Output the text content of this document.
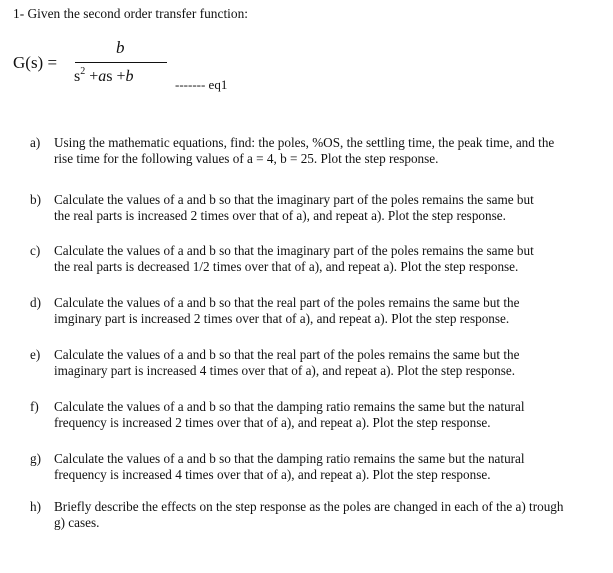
1- Given the second order transfer function:
G(s) =
b
$s^2 +as +b$	------- eq1
a) Using the mathematic equations, find: the poles, %OS, the settling time, the peak time, and the
rise time for the following values of a = 4, b = 25. Plot the step response.
b) Calculate the values of a and b so that the imaginary part of the poles remains the same but
the real parts is increased 2 times over that of a), and repeat a). Plot the step response.
c) Calculate the values of a and b so that the imaginary part of the poles remains the same but
the real parts is decreased 1/2 times over that of a), and repeat a). Plot the step response.
d) Calculate the values of a and b so that the real part of the poles remains the same but the
imginary part is increased 2 times over that of a), and repeat a). Plot the step response.
e) Calculate the values of a and b so that the real part of the poles remains the same but the
imaginary part is increased 4 times over that of a), and repeat a). Plot the step response.
f) Calculate the values of a and b so that the damping ratio remains the same but the natural
frequency is increased 2 times over that of a), and repeat a). Plot the step response.
g) Calculate the values of a and b so that the damping ratio remains the same but the natural
frequency is increased 4 times over that of a), and repeat a). Plot the step response.
h) Briefly describe the effects on the step response as the poles are changed in each of the a) trough
g) cases.
